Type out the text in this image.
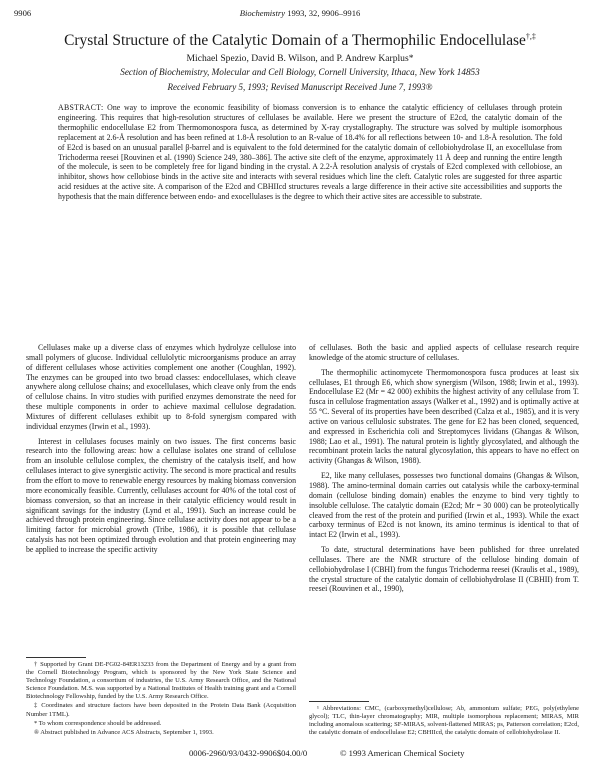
9906	Biochemistry 1993, 32, 9906–9916
Crystal Structure of the Catalytic Domain of a Thermophilic Endocellulase†,‡
Michael Spezio, David B. Wilson, and P. Andrew Karplus*
Section of Biochemistry, Molecular and Cell Biology, Cornell University, Ithaca, New York 14853
Received February 5, 1993; Revised Manuscript Received June 7, 1993®
ABSTRACT: One way to improve the economic feasibility of biomass conversion is to enhance the catalytic efficiency of cellulases through protein engineering. This requires that high-resolution structures of cellulases be available. Here we present the structure of E2cd, the catalytic domain of the thermophilic endocellulase E2 from Thermomonospora fusca, as determined by X-ray crystallography. The structure was solved by multiple isomorphous replacement at 2.6-Å resolution and has been refined at 1.8-Å resolution to an R-value of 18.4% for all reflections between 10- and 1.8-Å resolution. The fold of E2cd is based on an unusual parallel β-barrel and is equivalent to the fold determined for the catalytic domain of cellobiohydrolase II, an exocellulase from Trichoderma reesei [Rouvinen et al. (1990) Science 249, 380–386]. The active site cleft of the enzyme, approximately 11 Å deep and running the entire length of the molecule, is seen to be completely free for ligand binding in the crystal. A 2.2-Å resolution analysis of crystals of E2cd complexed with cellobiose, an inhibitor, shows how cellobiose binds in the active site and interacts with several residues which line the cleft. Catalytic roles are suggested for three aspartic acid residues at the active site. A comparison of the E2cd and CBHIIcd structures reveals a large difference in their active site accessibilities and supports the hypothesis that the main difference between endo- and exocellulases is the degree to which their active sites are accessible to substrate.

Cellulases make up a diverse class of enzymes which hydrolyze cellulose into small polymers of glucose. Individual cellulolytic microorganisms produce an array of different cellulases whose activities complement one another (Coughlan, 1992). The enzymes can be grouped into two broad classes: endocellulases, which cleave anywhere along cellulose chains; and exocellulases, which cleave only from the ends of cellulose chains. In vitro studies with purified enzymes demonstrate the need for these multiple components in order to achieve maximal cellulose degradation. Mixtures of different cellulases exhibit up to 8-fold synergism compared with individual enzymes (Irwin et al., 1993).

Interest in cellulases focuses mainly on two issues. The first concerns basic research into the following areas: how a cellulase isolates one strand of cellulose from an insoluble cellulose complex, the chemistry of the catalysis itself, and how cellulases interact to give synergistic activity. The second is more practical and results from the effort to move to renewable energy resources by making biomass conversion more economically feasible. Currently, cellulases account for 40% of the total cost of biomass conversion, so that an increase in their catalytic efficiency would result in significant savings for the industry (Lynd et al., 1991). Such an increase could be achieved through protein engineering. Since cellulase activity does not appear to be a limiting factor for microbial growth (Tribe, 1986), it is possible that cellulase catalysis has not been optimized through evolution and that protein engineering may be applied to increase the specific activity

of cellulases. Both the basic and applied aspects of cellulase research require knowledge of the atomic structure of cellulases.

The thermophilic actinomycete Thermomonospora fusca produces at least six cellulases, E1 through E6, which show synergism (Wilson, 1988; Irwin et al., 1993). Endocellulase E2 (Mr = 42 000) exhibits the highest activity of any cellulase from T. fusca in cellulose fragmentation assays (Walker et al., 1992) and is optimally active at 55 °C. Several of its properties have been described (Calza et al., 1985), and it is very active on various cellulosic substrates. The gene for E2 has been cloned, sequenced, and expressed in Escherichia coli and Streptomyces lividans (Ghangas & Wilson, 1988; Lao et al., 1991). The natural protein is lightly glycosylated, and although the recombinant protein lacks the natural glycosylation, this appears to have no effect on activity (Ghangas & Wilson, 1988).

E2, like many cellulases, possesses two functional domains (Ghangas & Wilson, 1988). The amino-terminal domain carries out catalysis while the carboxy-terminal domain (cellulose binding domain) enables the enzyme to bind very tightly to insoluble cellulose. The catalytic domain (E2cd; Mr = 30 000) can be proteolytically cleaved from the rest of the protein and purified (Irwin et al., 1993). While the exact carboxy terminus of E2cd is not known, its amino terminus is identical to that of intact E2 (Irwin et al., 1993).

To date, structural determinations have been published for three unrelated cellulases. There are the NMR structure of the cellulose binding domain of cellobiohydrolase I (CBHI) from the fungus Trichoderma reesei (Kraulis et al., 1989), the crystal structure of the catalytic domain of cellobiohydrolase II (CBHII) from T. reesei (Rouvinen et al., 1990),

† Supported by Grant DE-FG02-84ER13233 from the Department of Energy and by a grant from the Cornell Biotechnology Program, which is sponsored by the New York State Science and Technology Foundation, a consortium of industries, the U.S. Army Research Office, and the National Science Foundation. M.S. was supported by a National Institutes of Health training grant and a Cornell Biotechnology Fellowship, funded by the U.S. Army Research Office.

‡ Coordinates and structure factors have been deposited in the Protein Data Bank (Acquisition Number 1TML).

* To whom correspondence should be addressed.

® Abstract published in Advance ACS Abstracts, September 1, 1993.

¹ Abbreviations: CMC, (carboxymethyl)cellulose; Ab, ammonium sulfate; PEG, poly(ethylene glycol); TLC, thin-layer chromatography; MIR, multiple isomorphous replacement; MIRAS, MIR including anomalous scattering; SF-MIRAS, solvent-flattened MIRAS; ps, Patterson correlation; E2cd, the catalytic domain of endocellulase E2; CBHIIcd, the catalytic domain of cellobiohydrolase II.

0006-2960/93/0432-9906$04.00/0	© 1993 American Chemical Society
